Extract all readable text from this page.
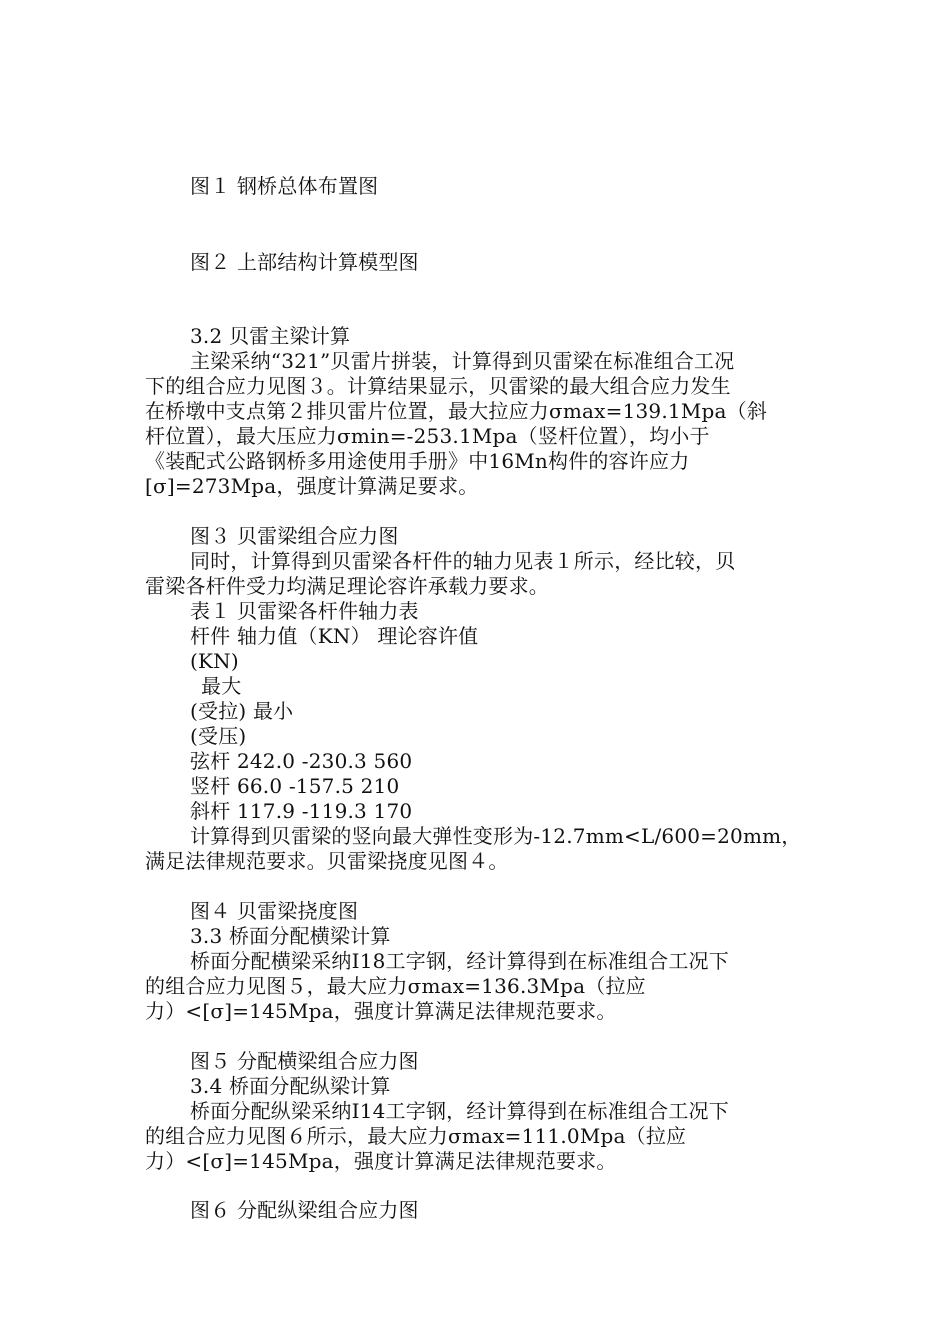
图１ 钢桥总体布置图
图２ 上部结构计算模型图
3.2 贝雷主梁计算
主梁采纳“321”贝雷片拼装，计算得到贝雷梁在标准组合工况
下的组合应力见图３。计算结果显示，贝雷梁的最大组合应力发生
在桥墩中支点第２排贝雷片位置，最大拉应力σmax=139.1Mpa（斜
杆位置），最大压应力σmin=-253.1Mpa（竖杆位置），均小于
《装配式公路钢桥多用途使用手册》中16Mn构件的容许应力
[σ]=273Mpa，强度计算满足要求。
图３ 贝雷梁组合应力图
同时，计算得到贝雷梁各杆件的轴力见表１所示，经比较，贝
雷梁各杆件受力均满足理论容许承载力要求。
表１ 贝雷梁各杆件轴力表
杆件 轴力值（KN） 理论容许值
(KN)
最大
(受拉) 最小
(受压)
弦杆 242.0 -230.3 560
竖杆 66.0 -157.5 210
斜杆 117.9 -119.3 170
计算得到贝雷梁的竖向最大弹性变形为-12.7mm<L/600=20mm，
满足法律规范要求。贝雷梁挠度见图４。
图４ 贝雷梁挠度图
3.3 桥面分配横梁计算
桥面分配横梁采纳I18工字钢，经计算得到在标准组合工况下
的组合应力见图５，最大应力σmax=136.3Mpa（拉应
力）<[σ]=145Mpa，强度计算满足法律规范要求。
图５ 分配横梁组合应力图
3.4 桥面分配纵梁计算
桥面分配纵梁采纳I14工字钢，经计算得到在标准组合工况下
的组合应力见图６所示，最大应力σmax=111.0Mpa（拉应
力）<[σ]=145Mpa，强度计算满足法律规范要求。
图６ 分配纵梁组合应力图
